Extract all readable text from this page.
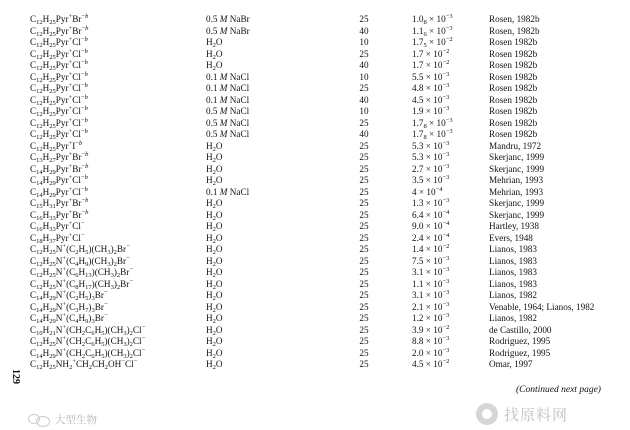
$C_{12}H_{25}Pyr^+Br^{-b}$	0.5 M NaBr	25	$1.0_8 \times 10^{-3}$	Rosen, 1982b
$C_{12}H_{25}Pyr^+Br^{-b}$	0.5 M NaBr	40	$1.1_6 \times 10^{-3}$	Rosen, 1982b
$C_{12}H_{25}Pyr^+Cl^{-b}$	$H_2O$	10	$1.7_5 \times 10^{-2}$	Rosen 1982b
$C_{12}H_{25}Pyr^+Cl^{-b}$	$H_2O$	25	$1.7 \times 10^{-2}$	Rosen 1982b
$C_{12}H_{25}Pyr^+Cl^{-b}$	$H_2O$	40	$1.7 \times 10^{-2}$	Rosen 1982b
$C_{12}H_{25}Pyr^+Cl^{-b}$	0.1 M NaCl	10	$5.5 \times 10^{-3}$	Rosen 1982b
$C_{12}H_{25}Pyr^+Cl^{-b}$	0.1 M NaCl	25	$4.8 \times 10^{-3}$	Rosen 1982b
$C_{12}H_{25}Pyr^+Cl^{-b}$	0.1 M NaCl	40	$4.5 \times 10^{-3}$	Rosen 1982b
$C_{12}H_{25}Pyr^+Cl^{-b}$	0.5 M NaCl	10	$1.9 \times 10^{-3}$	Rosen 1982b
$C_{12}H_{25}Pyr^+Cl^{-b}$	0.5 M NaCl	25	$1.7_8 \times 10^{-3}$	Rosen 1982b
$C_{12}H_{25}Pyr^+Cl^{-b}$	0.5 M NaCl	40	$1.7_8 \times 10^{-3}$	Rosen 1982b
$C_{12}H_{25}Pyr^+I^{-b}$	$H_2O$	25	$5.3 \times 10^{-3}$	Mandru, 1972
$C_{13}H_{27}Pyr^+Br^{-b}$	$H_2O$	25	$5.3 \times 10^{-3}$	Skerjanc, 1999
$C_{14}H_{29}Pyr^+Br^{-b}$	$H_2O$	25	$2.7 \times 10^{-3}$	Skerjanc, 1999
$C_{14}H_{29}Pyr^+Cl^{-b}$	$H_2O$	25	$3.5 \times 10^{-3}$	Mehrian, 1993
$C_{14}H_{29}Pyr^+Cl^{-b}$	0.1 M NaCl	25	$4 \times 10^{-4}$	Mehrian, 1993
$C_{15}H_{31}Pyr^+Br^{-b}$	$H_2O$	25	$1.3 \times 10^{-3}$	Skerjanc, 1999
$C_{16}H_{33}Pyr^+Br^{-b}$	$H_2O$	25	$6.4 \times 10^{-4}$	Skerjanc, 1999
$C_{16}H_{33}Pyr^+Cl^-$	$H_2O$	25	$9.0 \times 10^{-4}$	Hartley, 1938
$C_{18}H_{37}Pyr^+Cl^-$	$H_2O$	25	$2.4 \times 10^{-4}$	Evers, 1948
$C_{12}H_{25}N^+(C_2H_5)(CH_3)_2Br^-$	$H_2O$	25	$1.4 \times 10^{-2}$	Lianos, 1983
$C_{12}H_{25}N^+(C_4H_9)(CH_3)_2Br^-$	$H_2O$	25	$7.5 \times 10^{-3}$	Lianos, 1983
$C_{12}H_{25}N^+(C_6H_{13})(CH_3)_2Br^-$	$H_2O$	25	$3.1 \times 10^{-3}$	Lianos, 1983
$C_{12}H_{25}N^+(C_8H_{17})(CH_3)_2Br^-$	$H_2O$	25	$1.1 \times 10^{-3}$	Lianos, 1983
$C_{14}H_{29}N^+(C_2H_5)_3Br^-$	$H_2O$	25	$3.1 \times 10^{-3}$	Lianos, 1982
$C_{14}H_{29}N^+(C_3H_7)_3Br^-$	$H_2O$	25	$2.1 \times 10^{-3}$	Venable, 1964; Lianos, 1982
$C_{14}H_{29}N^+(C_4H_9)_3Br^-$	$H_2O$	25	$1.2 \times 10^{-3}$	Lianos, 1982
$C_{10}H_{21}N^+(CH_2C_6H_5)(CH_3)_2Cl^-$	$H_2O$	25	$3.9 \times 10^{-2}$	de Castillo, 2000
$C_{12}H_{25}N^+(CH_2C_6H_5)(CH_3)_2Cl^-$	$H_2O$	25	$8.8 \times 10^{-3}$	Rodriguez, 1995
$C_{14}H_{29}N^+(CH_2C_6H_5)(CH_3)_2Cl^-$	$H_2O$	25	$2.0 \times 10^{-3}$	Rodriguez, 1995
$C_{12}H_{25}NH_2^+CH_2CH_2OH^-Cl^-$	$H_2O$	25	$4.5 \times 10^{-2}$	Omar, 1997
129
(Continued next page)
大型生物	找原料网
